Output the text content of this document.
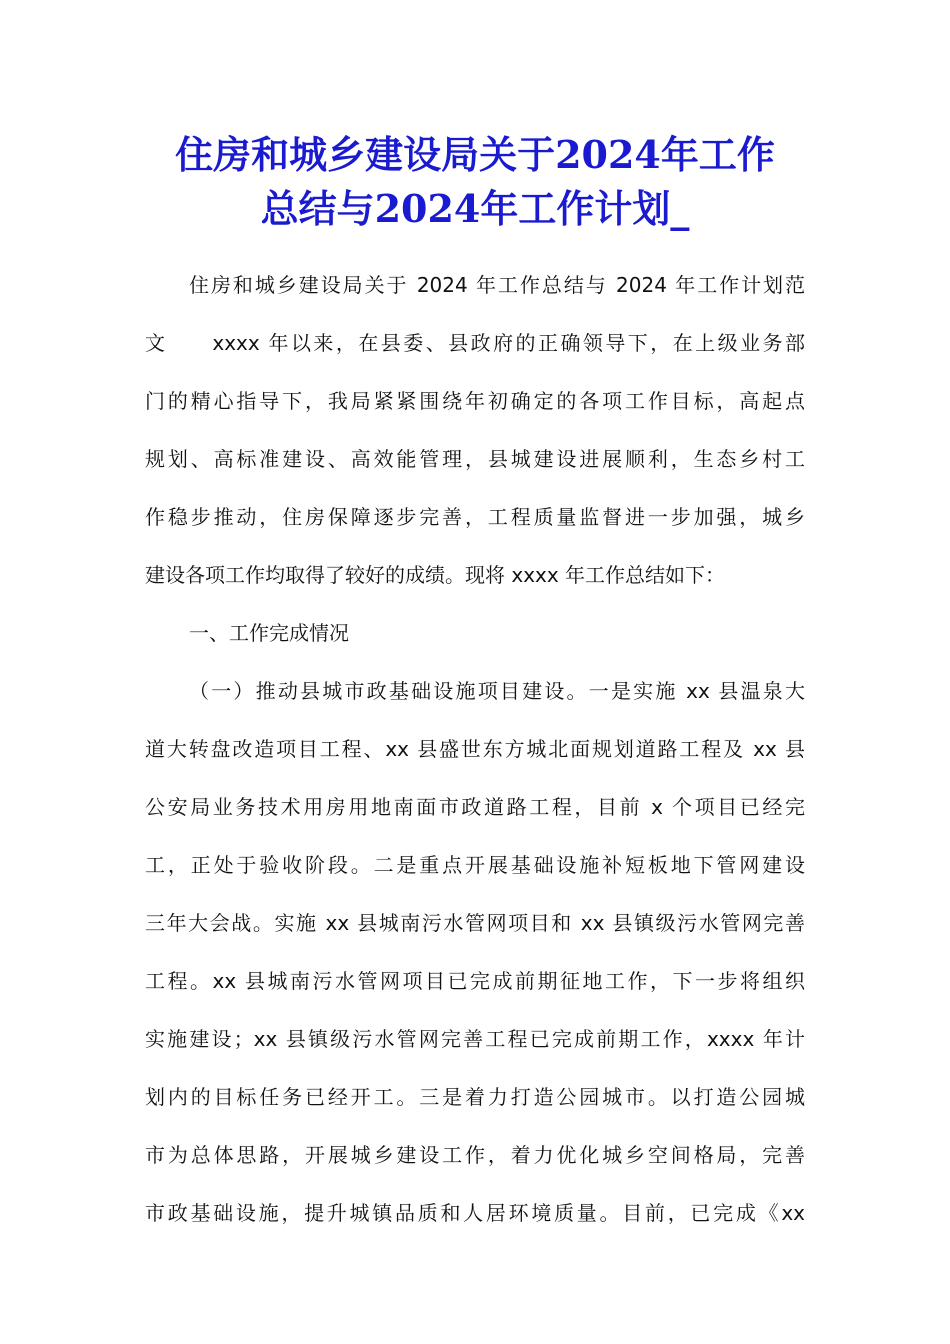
住房和城乡建设局关于2024年工作
总结与2024年工作计划_
住房和城乡建设局关于 2024 年工作总结与 2024 年工作计划范
文　　xxxx 年以来，在县委、县政府的正确领导下，在上级业务部
门的精心指导下，我局紧紧围绕年初确定的各项工作目标，高起点
规划、高标准建设、高效能管理，县城建设进展顺利，生态乡村工
作稳步推动，住房保障逐步完善，工程质量监督进一步加强，城乡
建设各项工作均取得了较好的成绩。现将 xxxx 年工作总结如下：
一、工作完成情况
（一）推动县城市政基础设施项目建设。一是实施 xx 县温泉大
道大转盘改造项目工程、xx 县盛世东方城北面规划道路工程及 xx 县
公安局业务技术用房用地南面市政道路工程，目前 x 个项目已经完
工，正处于验收阶段。二是重点开展基础设施补短板地下管网建设
三年大会战。实施 xx 县城南污水管网项目和 xx 县镇级污水管网完善
工程。xx 县城南污水管网项目已完成前期征地工作，下一步将组织
实施建设；xx 县镇级污水管网完善工程已完成前期工作，xxxx 年计
划内的目标任务已经开工。三是着力打造公园城市。以打造公园城
市为总体思路，开展城乡建设工作，着力优化城乡空间格局，完善
市政基础设施，提升城镇品质和人居环境质量。目前，已完成《xx
